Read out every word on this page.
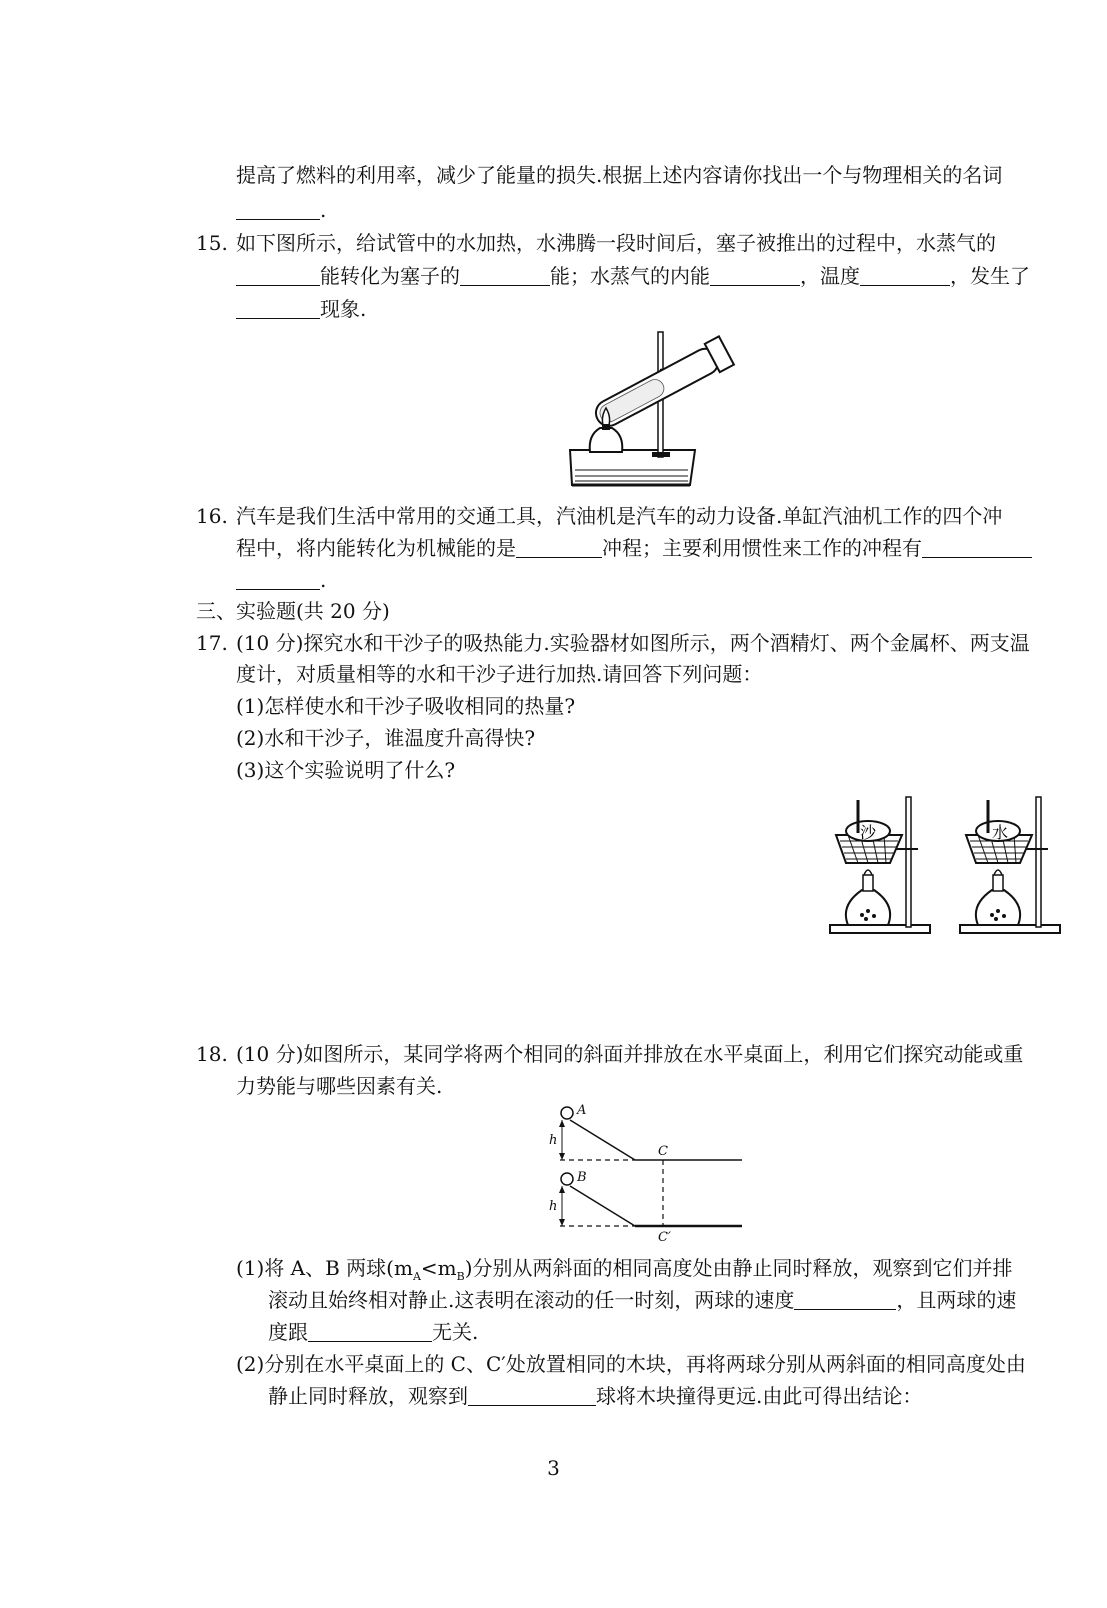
提高了燃料的利用率，减少了能量的损失.根据上述内容请你找出一个与物理相关的名词
.
15. 如下图所示，给试管中的水加热，水沸腾一段时间后，塞子被推出的过程中，水蒸气的
能转化为塞子的	能；水蒸气的内能	，温度	，发生了
现象.
16. 汽车是我们生活中常用的交通工具，汽油机是汽车的动力设备.单缸汽油机工作的四个冲
程中，将内能转化为机械能的是	冲程；主要利用惯性来工作的冲程有
.
三、实验题(共 20 分)
17. (10 分)探究水和干沙子的吸热能力.实验器材如图所示，两个酒精灯、两个金属杯、两支温
度计，对质量相等的水和干沙子进行加热.请回答下列问题：
(1)怎样使水和干沙子吸收相同的热量?
(2)水和干沙子，谁温度升高得快?
(3)这个实验说明了什么?
沙	水
18. (10 分)如图所示，某同学将两个相同的斜面并排放在水平桌面上，利用它们探究动能或重
力势能与哪些因素有关.
A
B
C
C′
h
h
(1)将 A、B 两球$(m_A<m_B)$分别从两斜面的相同高度处由静止同时释放，观察到它们并排
滚动且始终相对静止.这表明在滚动的任一时刻，两球的速度	，且两球的速
度跟	无关.
(2)分别在水平桌面上的 C、C′处放置相同的木块，再将两球分别从两斜面的相同高度处由
静止同时释放，观察到	球将木块撞得更远.由此可得出结论：
3
